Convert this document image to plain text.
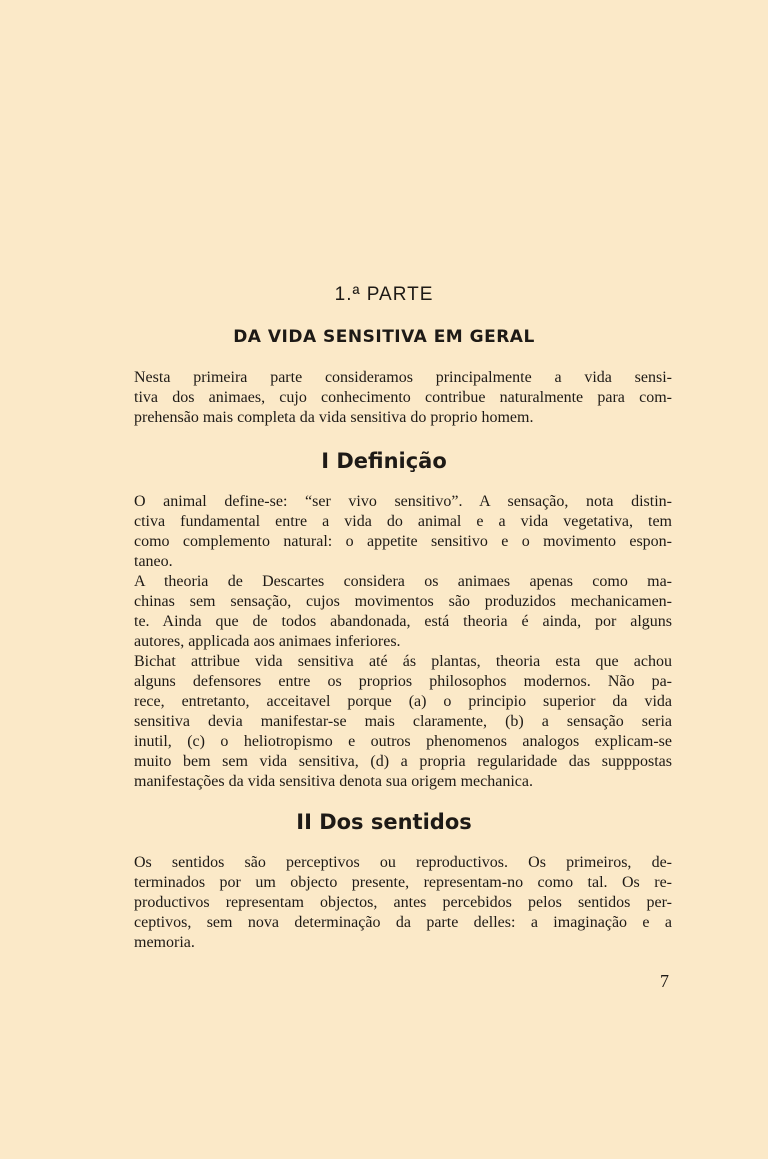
1.ª PARTE
DA VIDA SENSITIVA EM GERAL
Nesta primeira parte consideramos principalmente a vida sensi-
tiva dos animaes, cujo conhecimento contribue naturalmente para com-
prehensão mais completa da vida sensitiva do proprio homem.
I Definição
O animal define-se: “ser vivo sensitivo”. A sensação, nota distin-
ctiva fundamental entre a vida do animal e a vida vegetativa, tem
como complemento natural: o appetite sensitivo e o movimento espon-
taneo.
A theoria de Descartes considera os animaes apenas como ma-
chinas sem sensação, cujos movimentos são produzidos mechanicamen-
te. Ainda que de todos abandonada, está theoria é ainda, por alguns
autores, applicada aos animaes inferiores.
Bichat attribue vida sensitiva até ás plantas, theoria esta que achou
alguns defensores entre os proprios philosophos modernos. Não pa-
rece, entretanto, acceitavel porque (a) o principio superior da vida
sensitiva devia manifestar-se mais claramente, (b) a sensação seria
inutil, (c) o heliotropismo e outros phenomenos analogos explicam-se
muito bem sem vida sensitiva, (d) a propria regularidade das supppostas
manifestações da vida sensitiva denota sua origem mechanica.
II Dos sentidos
Os sentidos são perceptivos ou reproductivos. Os primeiros, de-
terminados por um objecto presente, representam-no como tal. Os re-
productivos representam objectos, antes percebidos pelos sentidos per-
ceptivos, sem nova determinação da parte delles: a imaginação e a
memoria.
7
